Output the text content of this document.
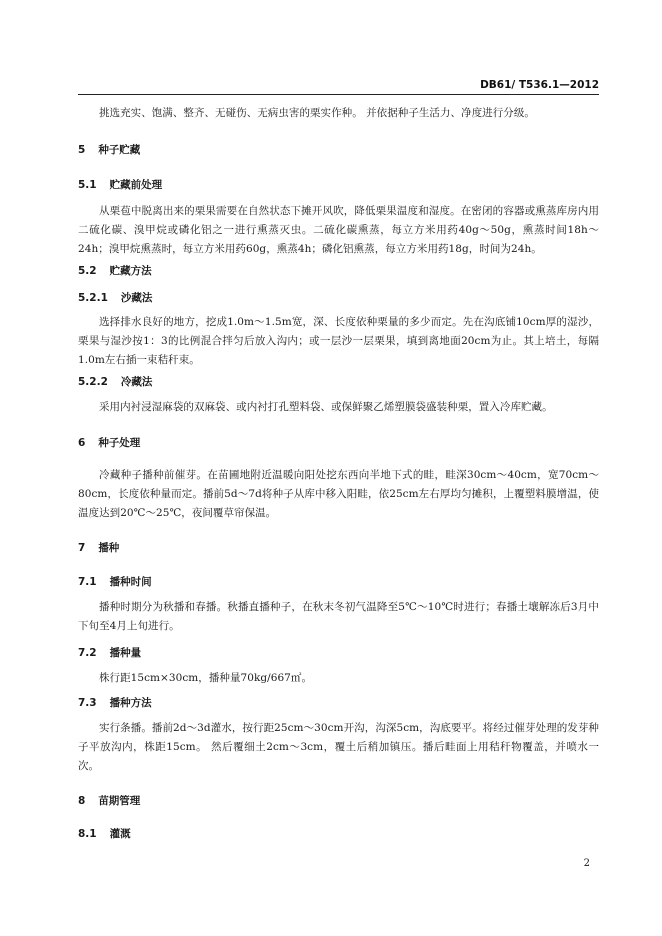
DB61/ T536.1—2012
挑选充实、饱满、整齐、无碰伤、无病虫害的栗实作种。 并依据种子生活力、净度进行分级。
5 种子贮藏
5.1 贮藏前处理
从栗苞中脱离出来的栗果需要在自然状态下摊开风吹，降低栗果温度和湿度。在密闭的容器或熏蒸库房内用二硫化碳、溴甲烷或磷化铝之一进行熏蒸灭虫。二硫化碳熏蒸，每立方米用药40g～50g，熏蒸时间18h～24h；溴甲烷熏蒸时，每立方米用药60g，熏蒸4h；磷化铝熏蒸，每立方米用药18g，时间为24h。
5.2 贮藏方法
5.2.1 沙藏法
选择排水良好的地方，挖成1.0m～1.5m宽，深、长度依种栗量的多少而定。先在沟底铺10cm厚的湿沙，栗果与湿沙按1：3的比例混合拌匀后放入沟内；或一层沙一层栗果，填到离地面20cm为止。其上培土，每隔1.0m左右插一束秸秆束。
5.2.2 冷藏法
采用内衬浸湿麻袋的双麻袋、或内衬打孔塑料袋、或保鲜聚乙烯塑膜袋盛装种栗，置入冷库贮藏。
6 种子处理
冷藏种子播种前催芽。在苗圃地附近温暖向阳处挖东西向半地下式的畦，畦深30cm～40cm，宽70cm～80cm，长度依种量而定。播前5d～7d将种子从库中移入阳畦，依25cm左右厚均匀摊积，上覆塑料膜增温，使温度达到20℃～25℃，夜间覆草帘保温。
7 播种
7.1 播种时间
播种时期分为秋播和春播。秋播直播种子，在秋末冬初气温降至5℃～10℃时进行；春播土壤解冻后3月中下旬至4月上旬进行。
7.2 播种量
株行距15cm×30cm，播种量70kg/667㎡。
7.3 播种方法
实行条播。播前2d～3d灌水，按行距25cm～30cm开沟，沟深5cm，沟底要平。将经过催芽处理的发芽种子平放沟内，株距15cm。 然后覆细土2cm～3cm，覆土后稍加镇压。播后畦面上用秸秆物覆盖，并喷水一次。
8 苗期管理
8.1 灌溉
2
